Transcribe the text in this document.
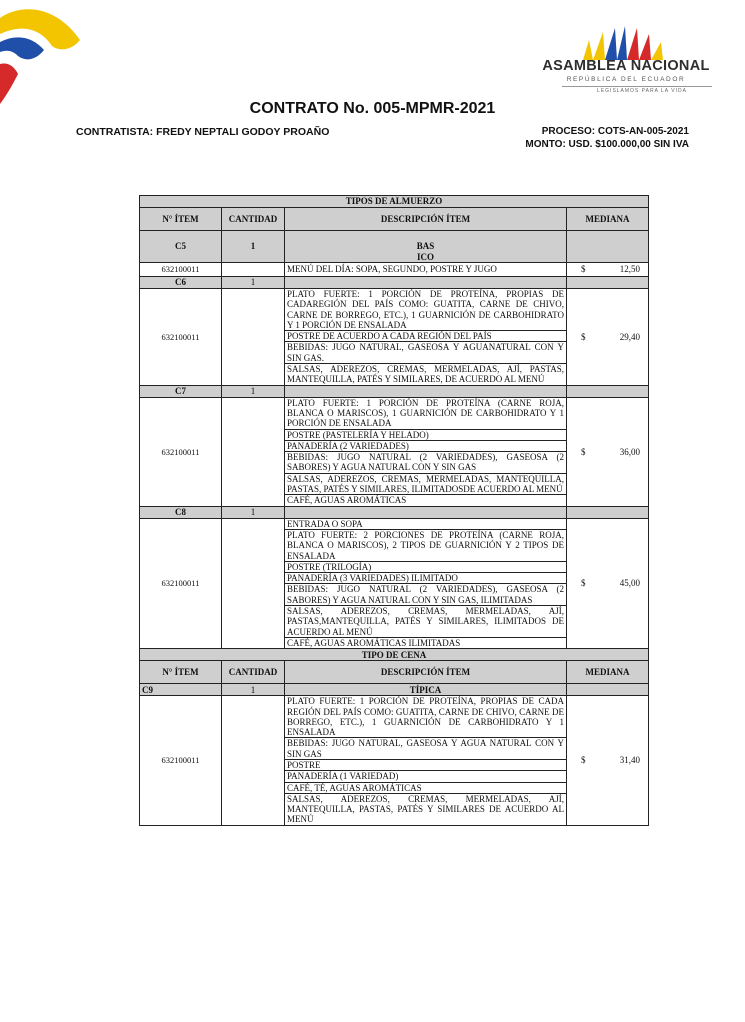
ASAMBLEA NACIONAL
REPÚBLICA DEL ECUADOR
LEGISLAMOS PARA LA VIDA
CONTRATO No. 005-MPMR-2021
CONTRATISTA: FREDY NEPTALI GODOY PROAÑO	PROCESO: COTS-AN-005-2021
MONTO: USD. $100.000,00 SIN IVA
TIPOS DE ALMUERZO			
N° ÍTEM	CANTIDAD	DESCRIPCIÓN ÍTEM	MEDIANA
C5	1	BAS ICO	

632100011		MENÚ DEL DÍA: SOPA, SEGUNDO, POSTRE Y JUGO	$ 12,50

C6	1		
632100011		PLATO FUERTE: 1 PORCIÓN DE PROTEÍNA, PROPIAS DE CADAREGIÓN DEL PAÍS COMO: GUATITA, CARNE DE CHIVO, CARNE DE BORREGO, ETC.), 1 GUARNICIÓN DE CARBOHIDRATO Y 1 PORCIÓN DE ENSALADA	$ 29,40

		POSTRE DE ACUERDO A CADA REGIÓN DEL PAÍS	
		BEBIDAS: JUGO NATURAL, GASEOSA Y AGUANATURAL CON Y SIN GAS.	
		SALSAS, ADEREZOS, CREMAS, MERMELADAS, AJÍ, PASTAS, MANTEQUILLA, PATÉS Y SIMILARES, DE ACUERDO AL MENÚ	
C7	1		
632100011		PLATO FUERTE: 1 PORCIÓN DE PROTEÍNA (CARNE ROJA, BLANCA O MARISCOS), 1 GUARNICIÓN DE CARBOHIDRATO Y 1 PORCIÓN DE ENSALADA	$ 36,00

		POSTRE (PASTELERÍA Y HELADO)	
		PANADERÍA (2 VARIEDADES)	
		BEBIDAS: JUGO NATURAL (2 VARIEDADES), GASEOSA (2 SABORES) Y AGUA NATURAL CON Y SIN GAS	
		SALSAS, ADEREZOS, CREMAS, MERMELADAS, MANTEQUILLA, PASTAS, PATÉS Y SIMILARES, ILIMITADOSDE ACUERDO AL MENÚ	
		CAFÉ, AGUAS AROMÁTICAS	
C8	1		
632100011		ENTRADA O SOPA	$ 45,00

		PLATO FUERTE: 2 PORCIONES DE PROTEÍNA (CARNE ROJA, BLANCA O MARISCOS), 2 TIPOS DE GUARNICIÓN Y 2 TIPOS DE ENSALADA	
		POSTRE (TRILOGÍA)	
		PANADERÍA (3 VARIEDADES) ILIMITADO	
		BEBIDAS: JUGO NATURAL (2 VARIEDADES), GASEOSA (2 SABORES) Y AGUA NATURAL CON Y SIN GAS, ILIMITADAS	
		SALSAS, ADEREZOS, CREMAS, MERMELADAS, AJÍ, PASTAS,MANTEQUILLA, PATÉS Y SIMILARES, ILIMITADOS DE ACUERDO AL MENÚ	
		CAFÉ, AGUAS AROMÁTICAS ILIMITADAS	
TIPO DE CENA			
N° ÍTEM	CANTIDAD	DESCRIPCIÓN ÍTEM	MEDIANA
C9	1	TÍPICA	
632100011		PLATO FUERTE: 1 PORCIÓN DE PROTEÍNA, PROPIAS DE CADA REGIÓN DEL PAÍS COMO: GUATITA, CARNE DE CHIVO, CARNE DE BORREGO, ETC.), 1 GUARNICIÓN DE CARBOHIDRATO Y 1 ENSALADA	$ 31,40

		BEBIDAS: JUGO NATURAL, GASEOSA Y AGUA NATURAL CON Y SIN GAS	
		POSTRE	
		PANADERÍA (1 VARIEDAD)	
		CAFÉ, TÉ, AGUAS AROMÁTICAS	
		SALSAS, ADEREZOS, CREMAS, MERMELADAS, AJÍ, MANTEQUILLA, PASTAS, PATÉS Y SIMILARES DE ACUERDO AL MENÚ	
